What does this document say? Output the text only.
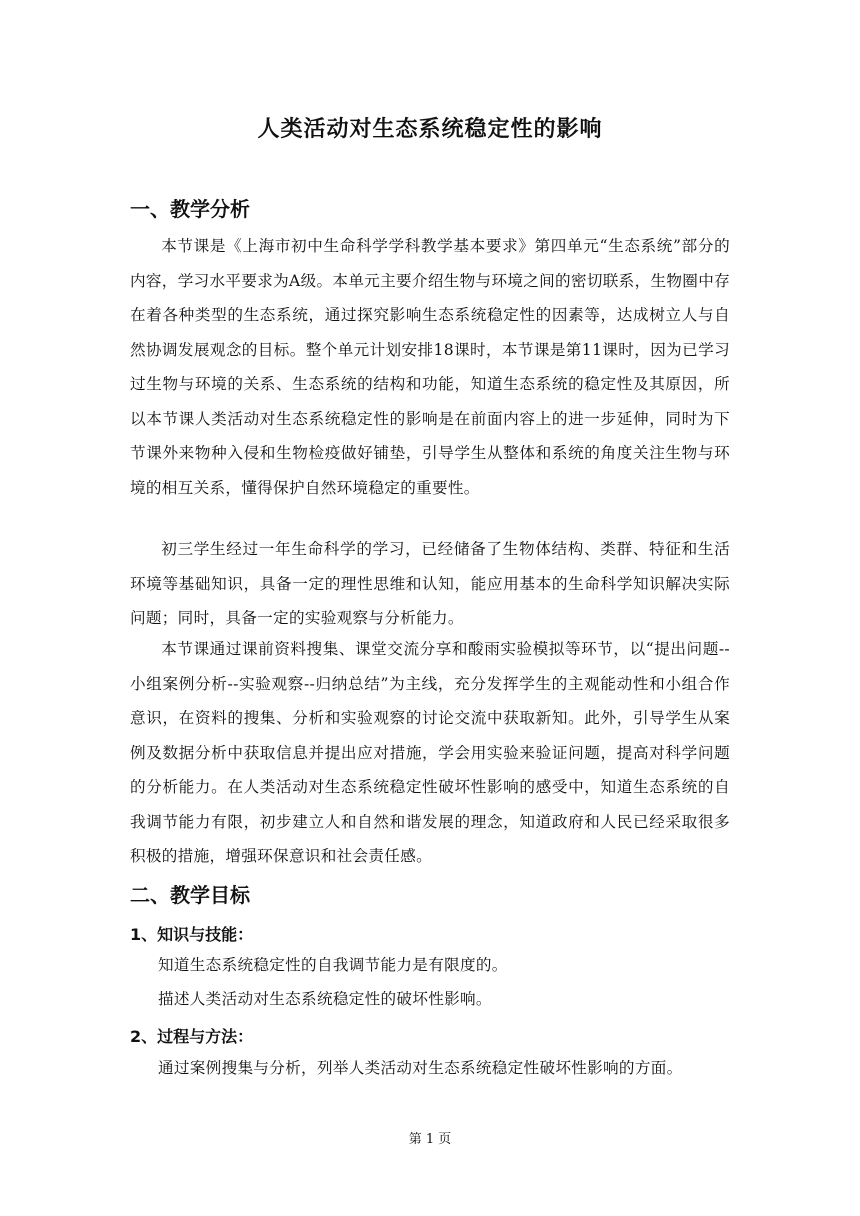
人类活动对生态系统稳定性的影响
一、教学分析
本节课是《上海市初中生命科学学科教学基本要求》第四单元“生态系统”部分的内容，学习水平要求为A级。本单元主要介绍生物与环境之间的密切联系，生物圈中存在着各种类型的生态系统，通过探究影响生态系统稳定性的因素等，达成树立人与自然协调发展观念的目标。整个单元计划安排18课时，本节课是第11课时，因为已学习过生物与环境的关系、生态系统的结构和功能，知道生态系统的稳定性及其原因，所以本节课人类活动对生态系统稳定性的影响是在前面内容上的进一步延伸，同时为下节课外来物种入侵和生物检疫做好铺垫，引导学生从整体和系统的角度关注生物与环境的相互关系，懂得保护自然环境稳定的重要性。
初三学生经过一年生命科学的学习，已经储备了生物体结构、类群、特征和生活环境等基础知识，具备一定的理性思维和认知，能应用基本的生命科学知识解决实际问题；同时，具备一定的实验观察与分析能力。
本节课通过课前资料搜集、课堂交流分享和酸雨实验模拟等环节，以“提出问题--小组案例分析--实验观察--归纳总结”为主线，充分发挥学生的主观能动性和小组合作意识，在资料的搜集、分析和实验观察的讨论交流中获取新知。此外，引导学生从案例及数据分析中获取信息并提出应对措施，学会用实验来验证问题，提高对科学问题的分析能力。在人类活动对生态系统稳定性破坏性影响的感受中，知道生态系统的自我调节能力有限，初步建立人和自然和谐发展的理念，知道政府和人民已经采取很多积极的措施，增强环保意识和社会责任感。
二、教学目标
1、知识与技能：
知道生态系统稳定性的自我调节能力是有限度的。
描述人类活动对生态系统稳定性的破坏性影响。
2、过程与方法：
通过案例搜集与分析，列举人类活动对生态系统稳定性破坏性影响的方面。
第 1 页
